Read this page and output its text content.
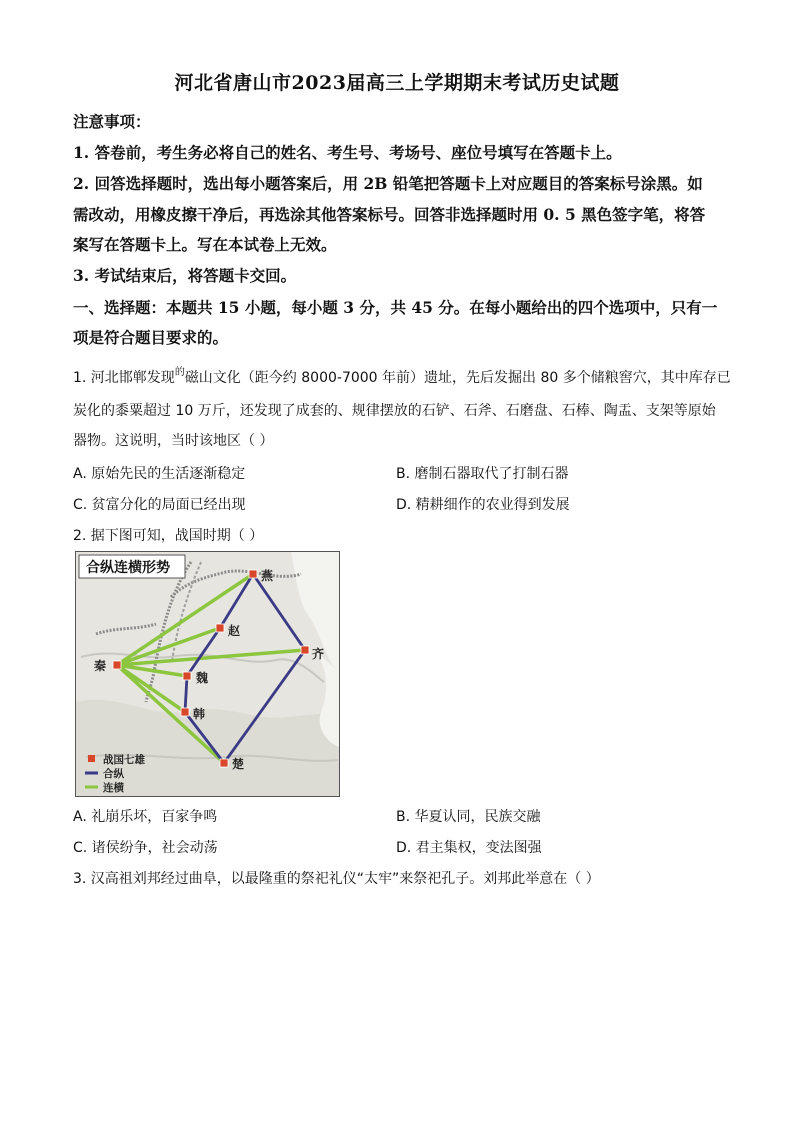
河北省唐山市2023届高三上学期期末考试历史试题
注意事项：
1. 答卷前，考生务必将自己的姓名、考生号、考场号、座位号填写在答题卡上。
2. 回答选择题时，选出每小题答案后，用 2B 铅笔把答题卡上对应题目的答案标号涂黑。如
需改动，用橡皮擦干净后，再选涂其他答案标号。回答非选择题时用 0. 5 黑色签字笔，将答
案写在答题卡上。写在本试卷上无效。
3. 考试结束后，将答题卡交回。
一、选择题：本题共 15 小题，每小题 3 分，共 45 分。在每小题给出的四个选项中，只有一
项是符合题目要求的。
1. 河北邯郸发现$^的$磁山文化（距今约 8000-7000 年前）遗址，先后发掘出 80 多个储粮窖穴，其中库存已
炭化的黍粟超过 10 万斤，还发现了成套的、规律摆放的石铲、石斧、石磨盘、石棒、陶盂、支架等原始
器物。这说明，当时该地区（ ）
A. 原始先民的生活逐渐稳定	B. 磨制石器取代了打制石器
C. 贫富分化的局面已经出现	D. 精耕细作的农业得到发展
2. 据下图可知，战国时期（ ）
燕
赵
秦
齐
魏
韩
楚
合纵连横形势
战国七雄
合纵
连横
A. 礼崩乐坏，百家争鸣	B. 华夏认同，民族交融
C. 诸侯纷争，社会动荡	D. 君主集权，变法图强
3. 汉高祖刘邦经过曲阜，以最隆重的祭祀礼仪“太牢”来祭祀孔子。刘邦此举意在（ ）
